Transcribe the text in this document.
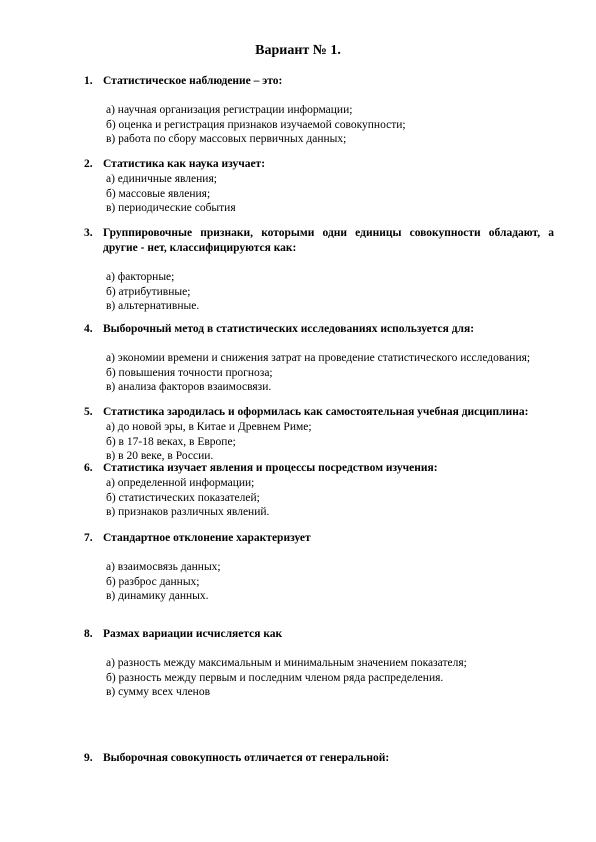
Вариант № 1.
1. Статистическое наблюдение – это:
а) научная организация регистрации информации;
б) оценка и регистрация признаков изучаемой совокупности;
в) работа по сбору массовых первичных данных;
2. Статистика как наука изучает:
а) единичные явления;
б) массовые явления;
в) периодические события
3. Группировочные признаки, которыми одни единицы совокупности обладают, а другие - нет, классифицируются как:
а) факторные;
б) атрибутивные;
в) альтернативные.
4. Выборочный метод в статистических исследованиях используется для:
а) экономии времени и снижения затрат на проведение статистического исследования;
б) повышения точности прогноза;
в) анализа факторов взаимосвязи.
5. Статистика зародилась и оформилась как самостоятельная учебная дисциплина:
а) до новой эры, в Китае и Древнем Риме;
б) в 17-18 веках, в Европе;
в) в 20 веке, в России.
6. Статистика изучает явления и процессы посредством изучения:
а) определенной информации;
б) статистических показателей;
в) признаков различных явлений.
7. Стандартное отклонение характеризует
а) взаимосвязь данных;
б) разброс данных;
в) динамику данных.
8. Размах вариации исчисляется как
а) разность между максимальным и минимальным значением показателя;
б) разность между первым и последним членом ряда распределения.
в) сумму всех членов
9. Выборочная совокупность отличается от генеральной:
